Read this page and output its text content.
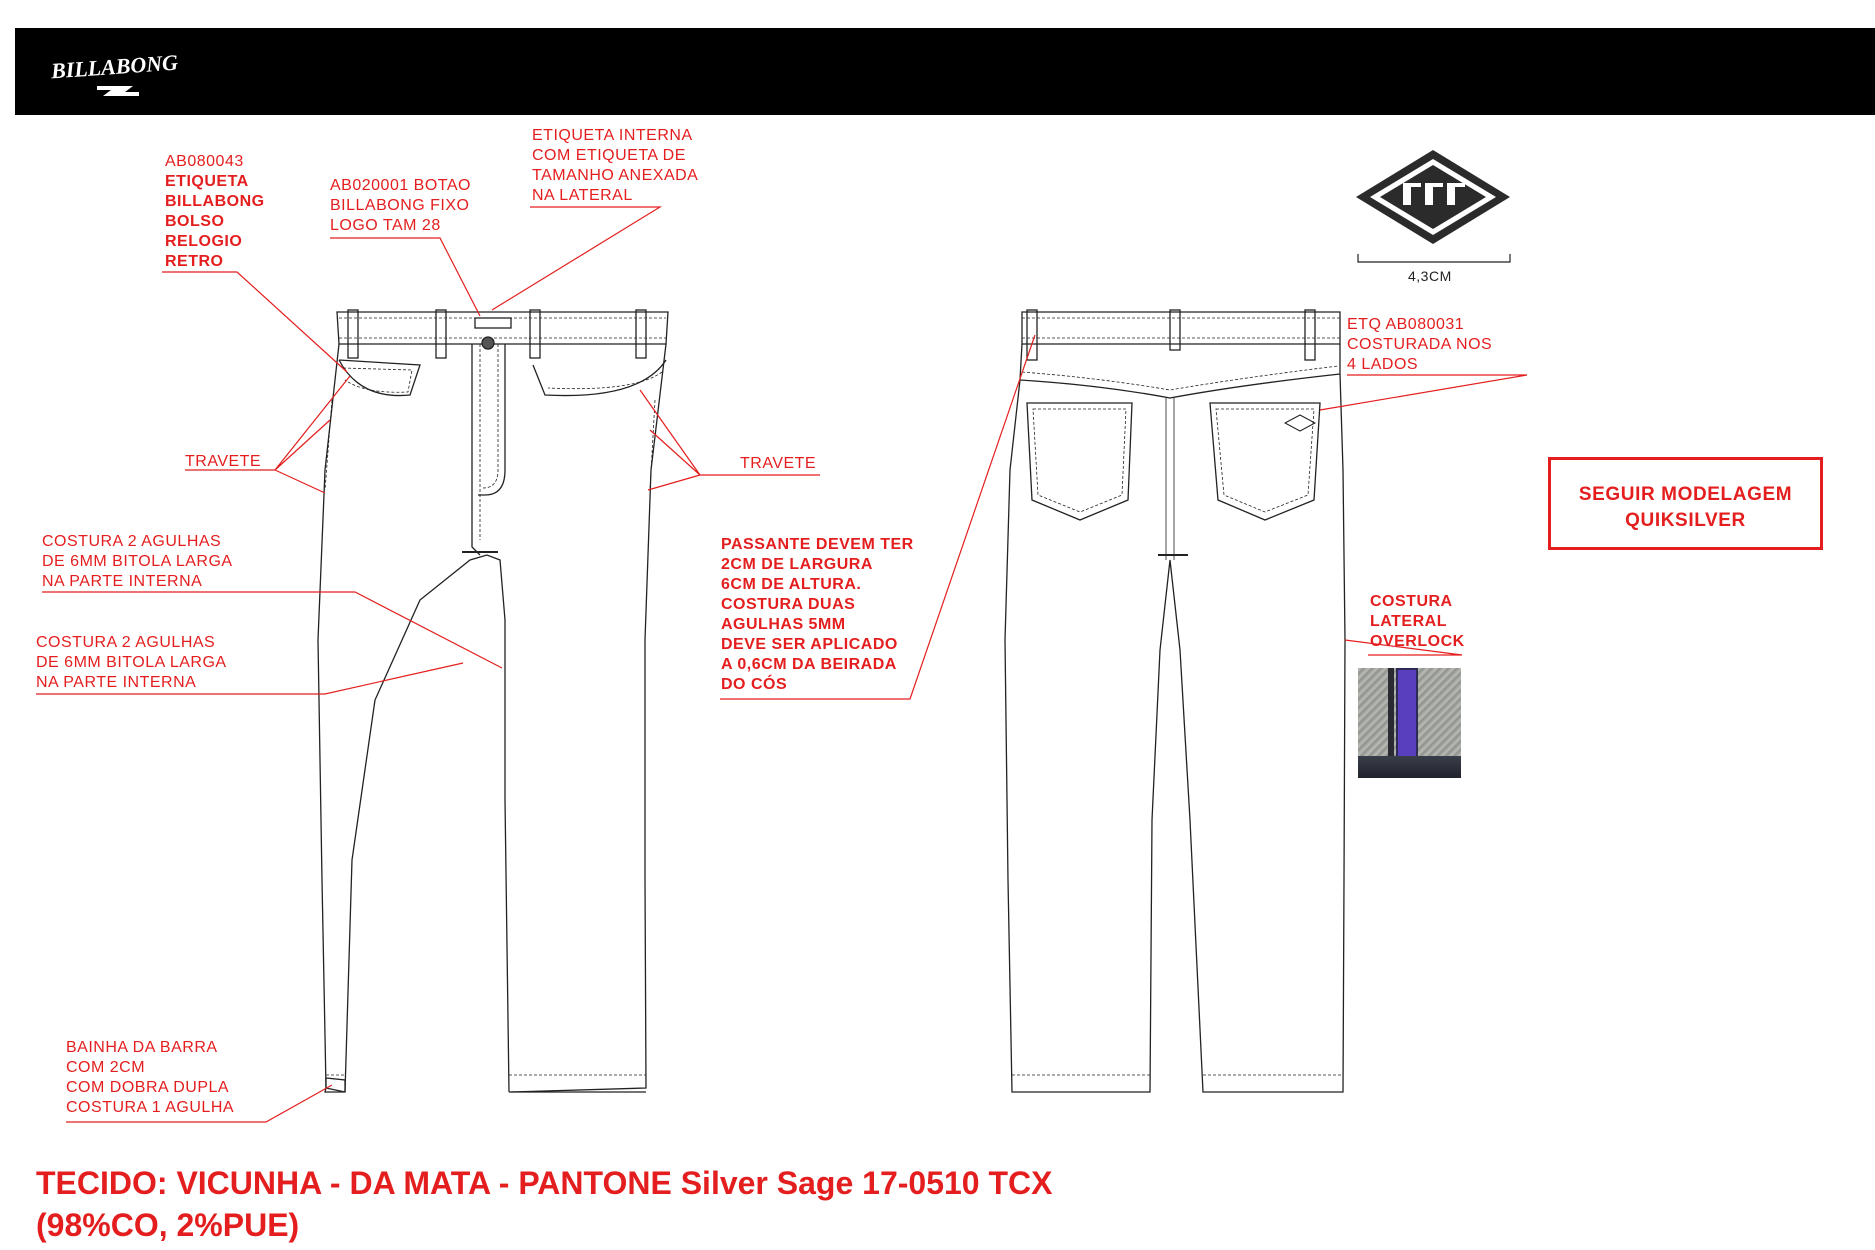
BILLABONG
4,3CM
AB080043
ETIQUETA
BILLABONG
BOLSO
RELOGIO
RETRO
AB020001 BOTAO
BILLABONG FIXO
LOGO TAM 28
ETIQUETA INTERNA
COM ETIQUETA DE
TAMANHO ANEXADA
NA LATERAL
TRAVETE	TRAVETE
COSTURA 2 AGULHAS
DE 6MM BITOLA LARGA
NA PARTE INTERNA
COSTURA 2 AGULHAS
DE 6MM BITOLA LARGA
NA PARTE INTERNA
PASSANTE DEVEM TER
2CM DE LARGURA
6CM DE ALTURA.
COSTURA DUAS
AGULHAS 5MM
DEVE SER APLICADO
A 0,6CM DA BEIRADA
DO CÓS
BAINHA DA BARRA
COM 2CM
COM DOBRA DUPLA
COSTURA 1 AGULHA
ETQ AB080031
COSTURADA NOS
4 LADOS
COSTURA
LATERAL
OVERLOCK
SEGUIR MODELAGEM
QUIKSILVER
TECIDO: VICUNHA - DA MATA - PANTONE Silver Sage 17-0510 TCX
(98%CO, 2%PUE)
